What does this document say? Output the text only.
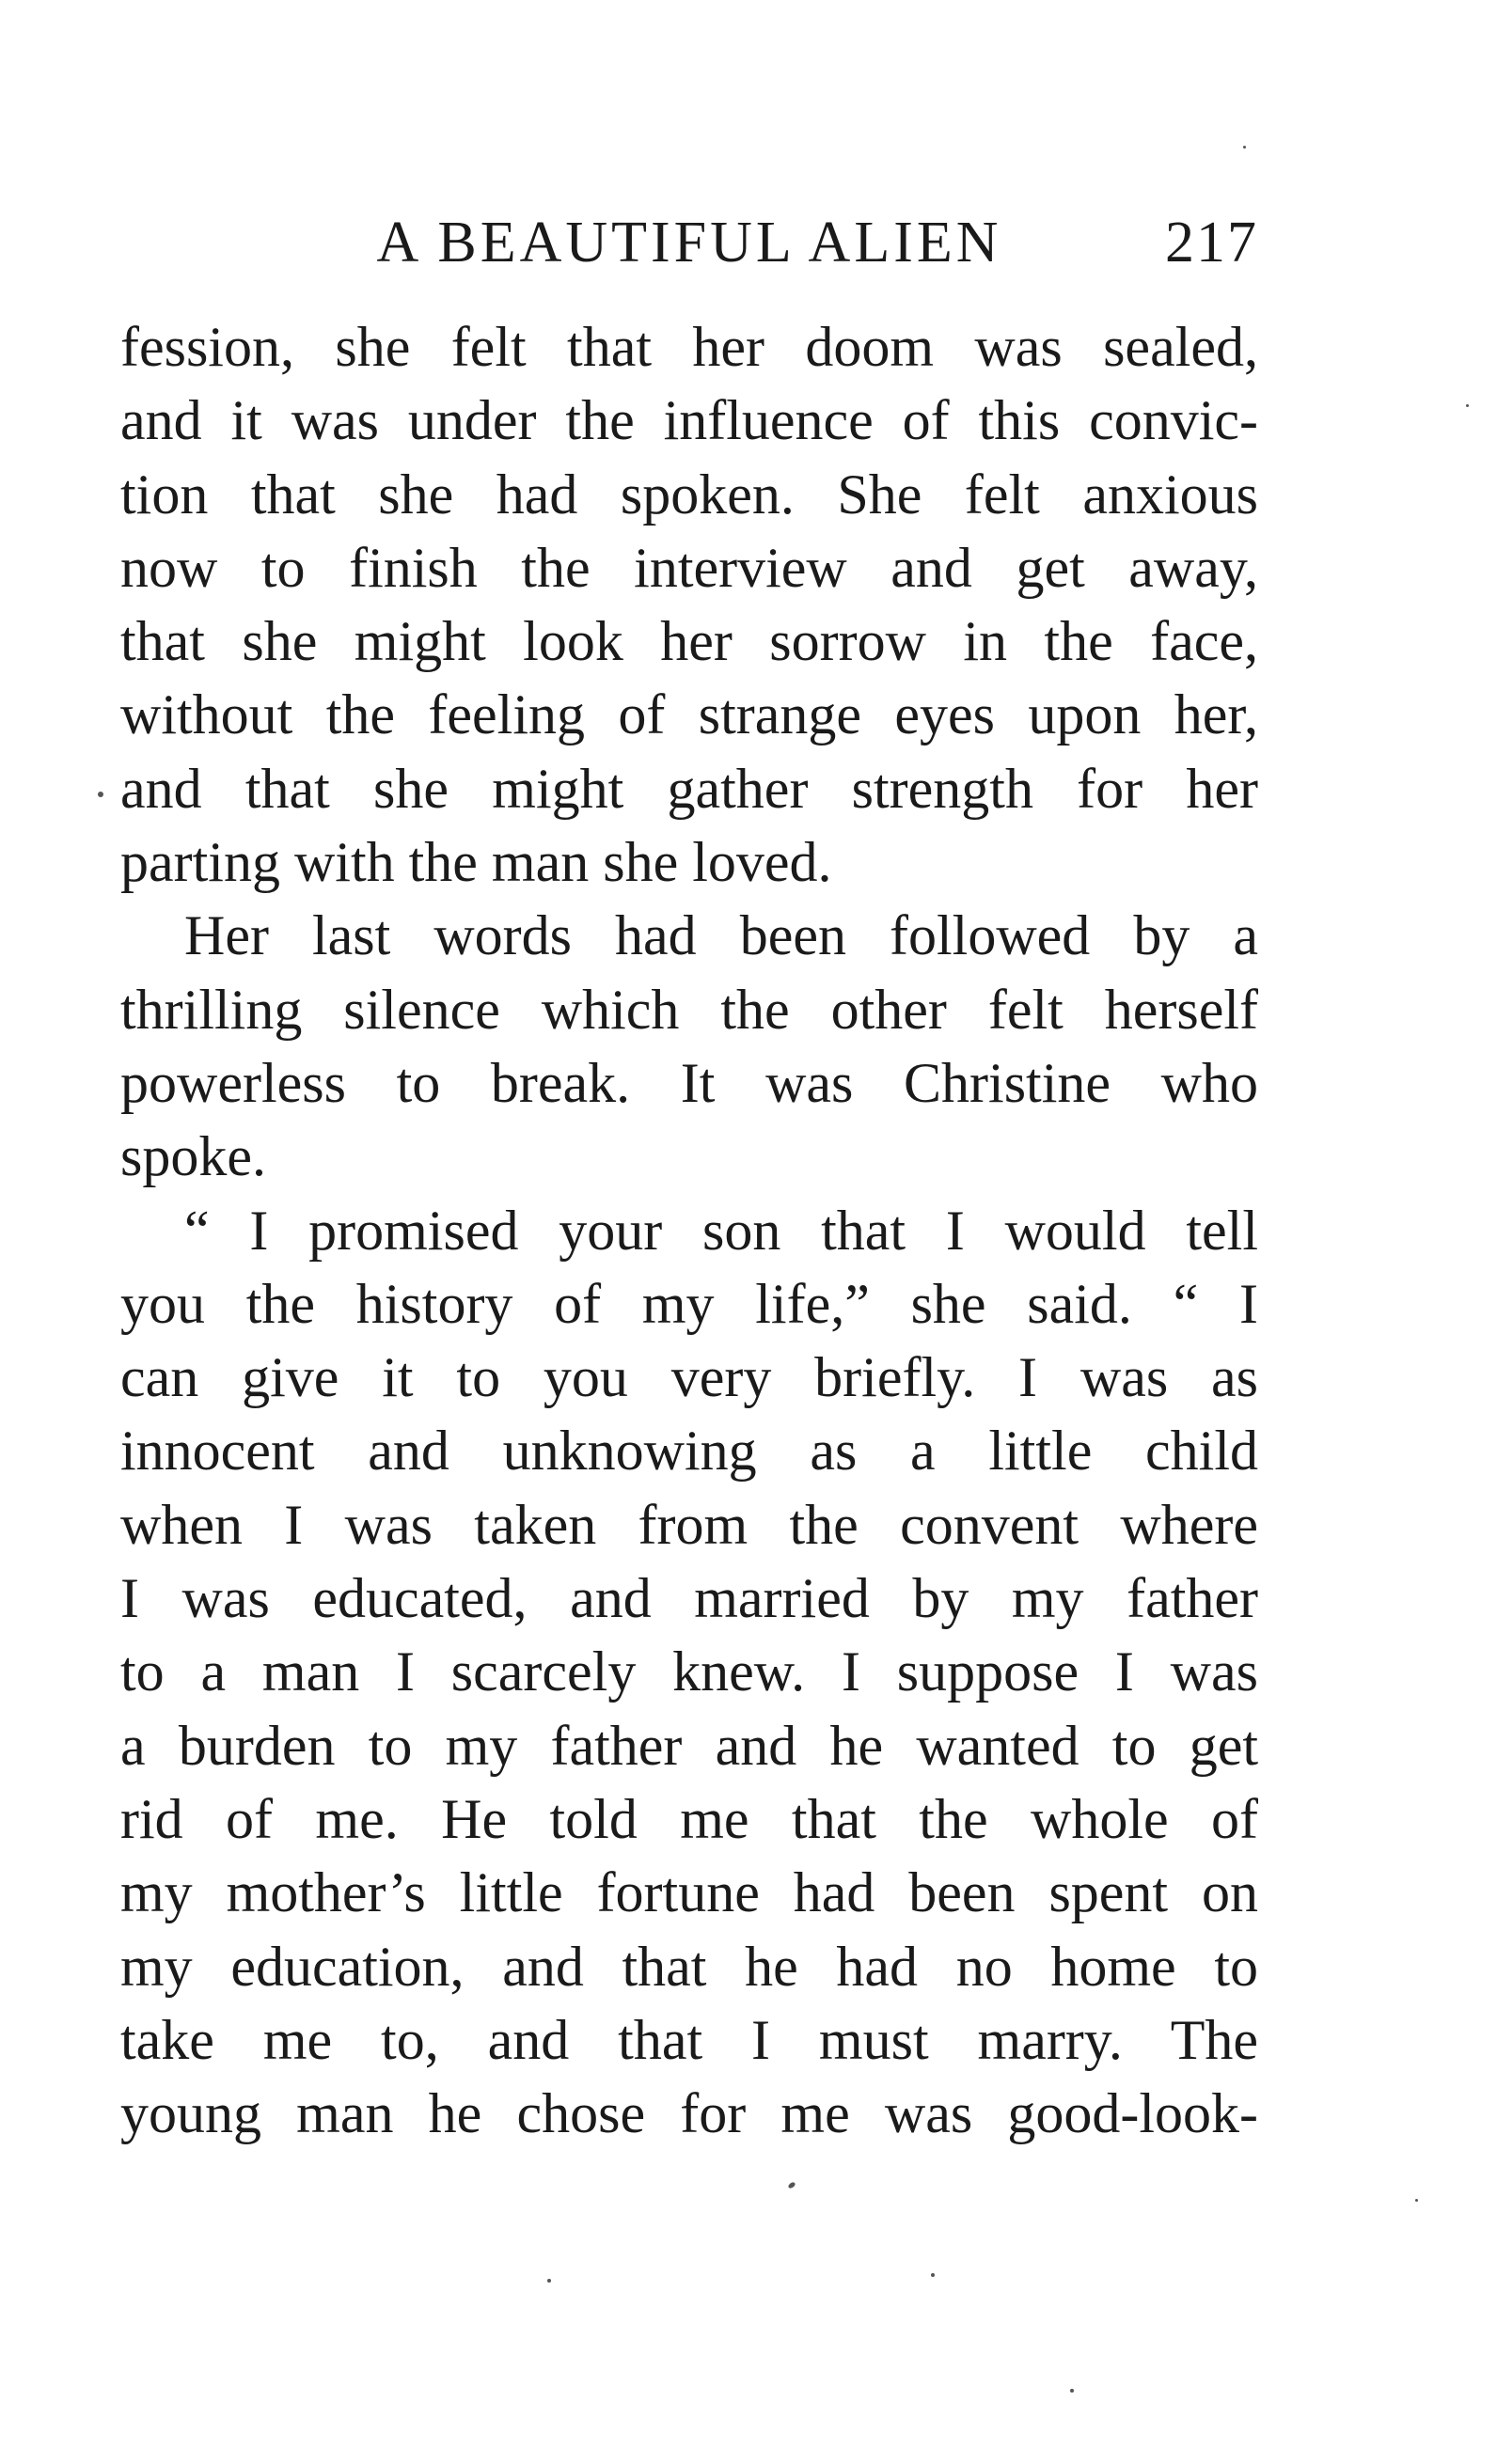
A BEAUTIFUL ALIEN	217
fession, she felt that her doom was sealed,
and it was under the influence of this convic-
tion that she had spoken. She felt anxious
now to finish the interview and get away,
that she might look her sorrow in the face,
without the feeling of strange eyes upon her,
and that she might gather strength for her
parting with the man she loved.
Her last words had been followed by a
thrilling silence which the other felt herself
powerless to break. It was Christine who
spoke.
“ I promised your son that I would tell
you the history of my life,” she said. “ I
can give it to you very briefly. I was as
innocent and unknowing as a little child
when I was taken from the convent where
I was educated, and married by my father
to a man I scarcely knew. I suppose I was
a burden to my father and he wanted to get
rid of me. He told me that the whole of
my mother’s little fortune had been spent on
my education, and that he had no home to
take me to, and that I must marry. The
young man he chose for me was good-look-
